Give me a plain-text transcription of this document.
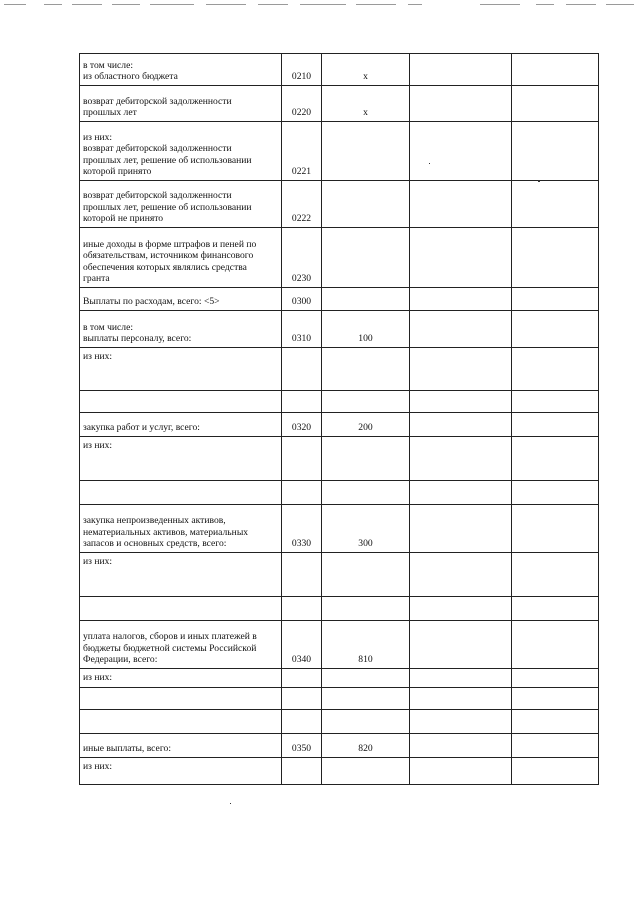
в том числе:
из областного бюджета	0210	x		
возврат дебиторской задолженности
прошлых лет	0220	x		
из них:
возврат дебиторской задолженности
прошлых лет, решение об использовании
которой принято	0221			
возврат дебиторской задолженности
прошлых лет, решение об использовании
которой не принято	0222			
иные доходы в форме штрафов и пеней по
обязательствам, источником финансового
обеспечения которых являлись средства
гранта	0230			
Выплаты по расходам, всего: <5>	0300			
в том числе:
выплаты персоналу, всего:	0310	100		
из них:				

закупка работ и услуг, всего:	0320	200		
из них:				

закупка непроизведенных активов,
нематериальных активов, материальных
запасов и основных средств, всего:	0330	300		
из них:				

уплата налогов, сборов и иных платежей в
бюджеты бюджетной системы Российской
Федерации, всего:	0340	810		
из них:				

иные выплаты, всего:	0350	820		
из них:				
